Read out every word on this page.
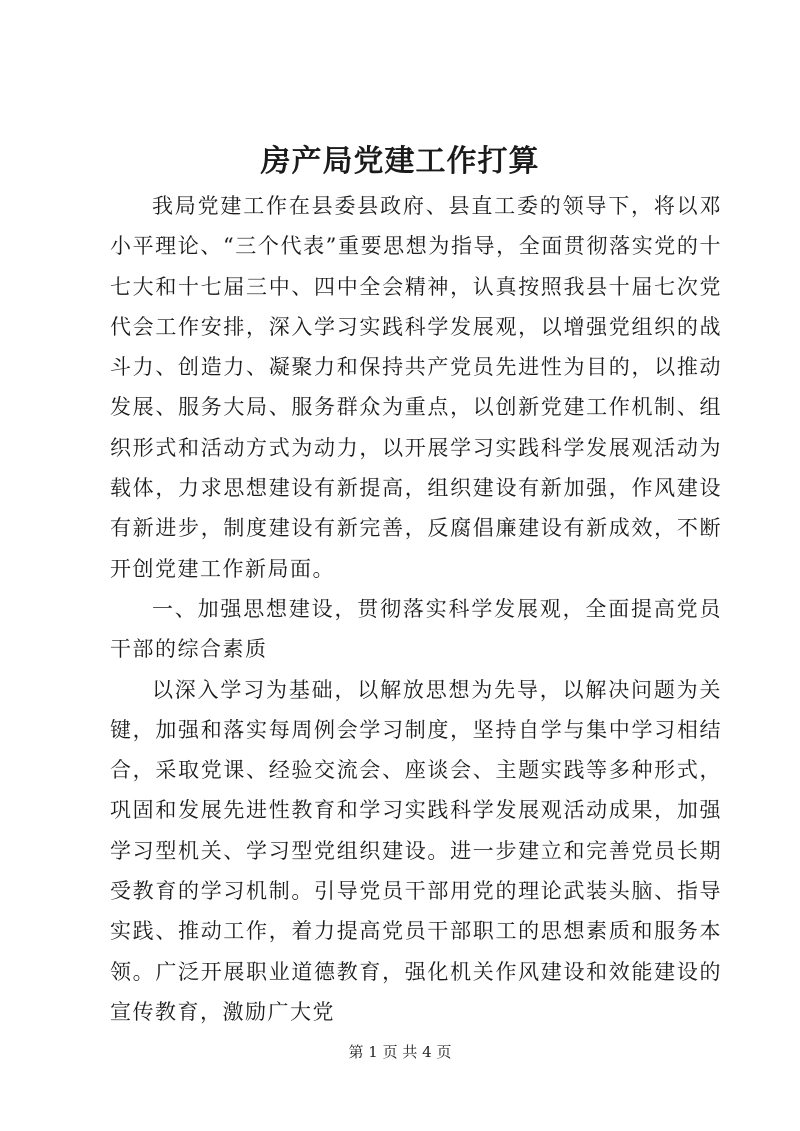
房产局党建工作打算

我局党建工作在县委县政府、县直工委的领导下，将以邓小平理论、“三个代表”重要思想为指导，全面贯彻落实党的十七大和十七届三中、四中全会精神，认真按照我县十届七次党代会工作安排，深入学习实践科学发展观，以增强党组织的战斗力、创造力、凝聚力和保持共产党员先进性为目的，以推动发展、服务大局、服务群众为重点，以创新党建工作机制、组织形式和活动方式为动力，以开展学习实践科学发展观活动为载体，力求思想建设有新提高，组织建设有新加强，作风建设有新进步，制度建设有新完善，反腐倡廉建设有新成效，不断开创党建工作新局面。

一、加强思想建设，贯彻落实科学发展观，全面提高党员干部的综合素质

以深入学习为基础，以解放思想为先导，以解决问题为关键，加强和落实每周例会学习制度，坚持自学与集中学习相结合，采取党课、经验交流会、座谈会、主题实践等多种形式，巩固和发展先进性教育和学习实践科学发展观活动成果，加强学习型机关、学习型党组织建设。进一步建立和完善党员长期受教育的学习机制。引导党员干部用党的理论武装头脑、指导实践、推动工作，着力提高党员干部职工的思想素质和服务本领。广泛开展职业道德教育，强化机关作风建设和效能建设的宣传教育，激励广大党

第 1 页 共 4 页
